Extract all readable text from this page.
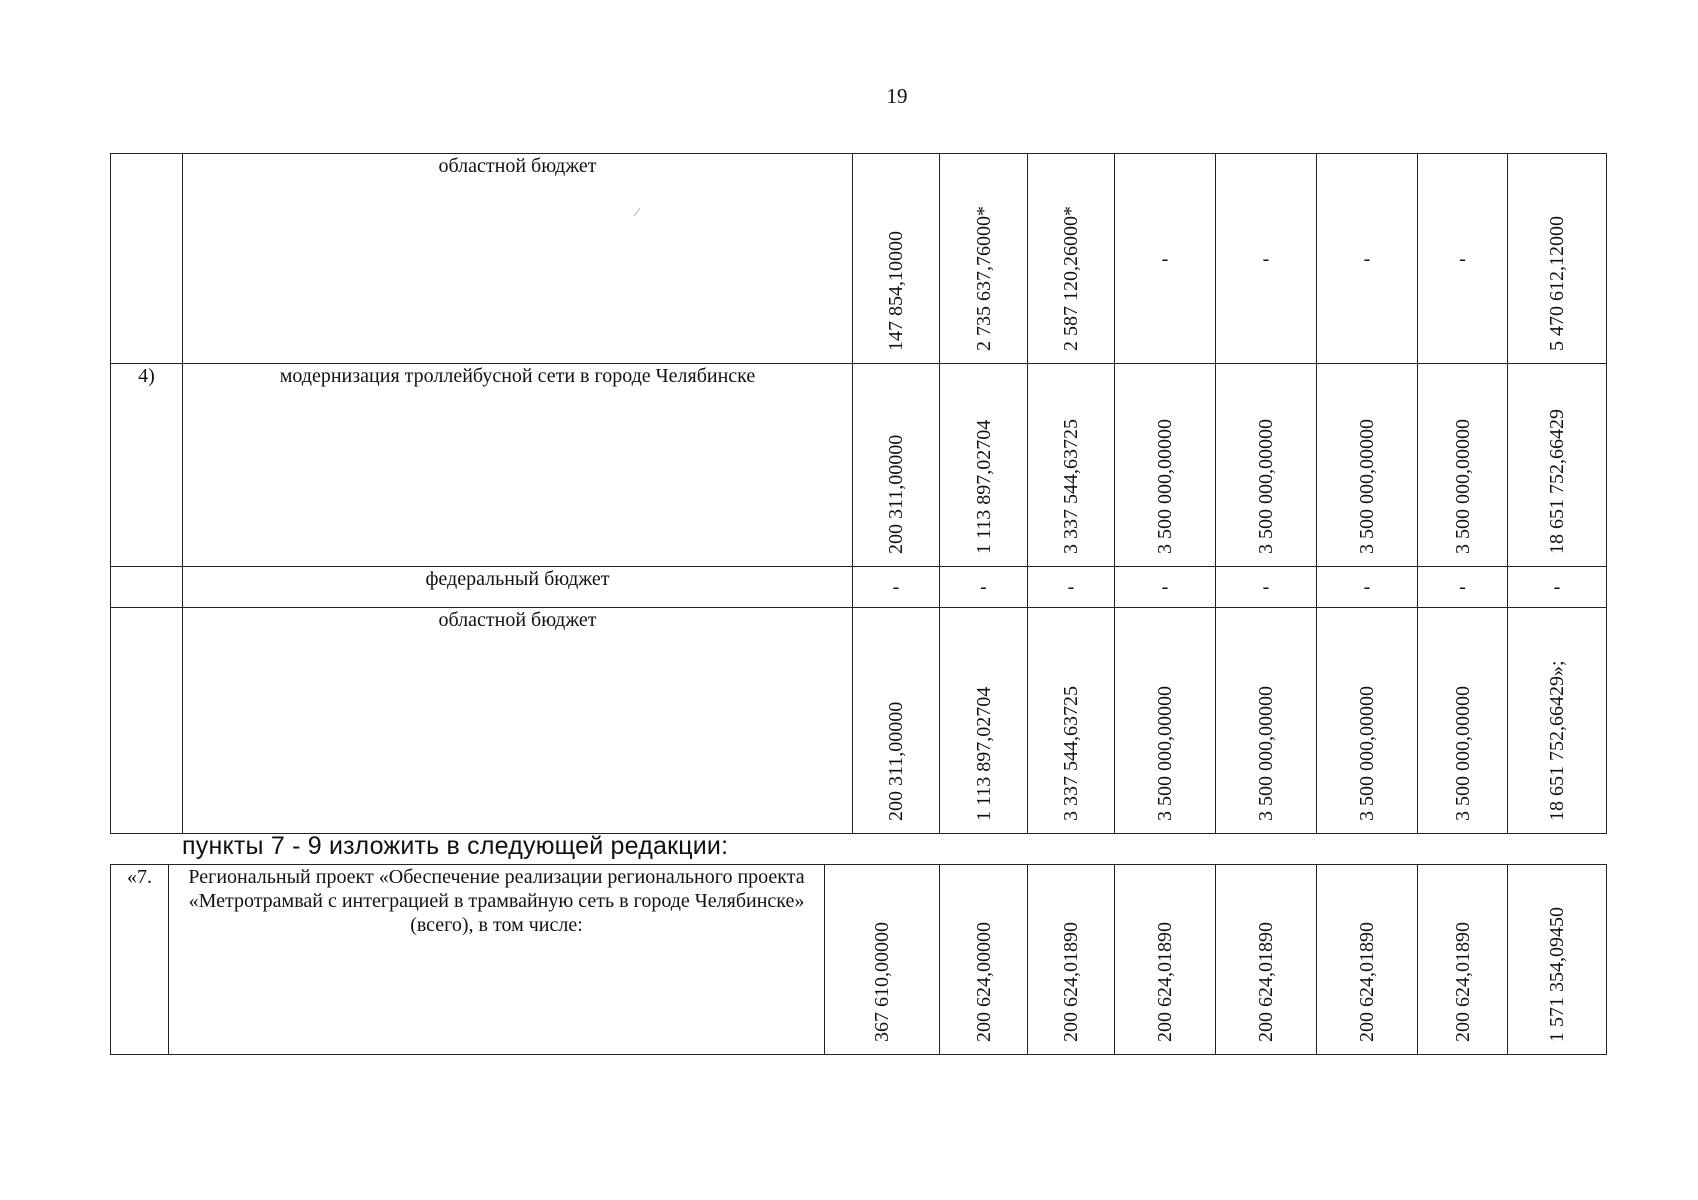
19
⁄
	областной бюджет	147 854,10000	2 735 637,76000*	2 587 120,26000*	-	-	-	-	5 470 612,12000

4)	модернизация троллейбусной сети в городе Челябинске	200 311,00000	1 113 897,02704	3 337 544,63725	3 500 000,00000	3 500 000,00000	3 500 000,00000	3 500 000,00000	18 651 752,66429

	федеральный бюджет	-	-	-	-	-	-	-	-

	областной бюджет	200 311,00000	1 113 897,02704	3 337 544,63725	3 500 000,00000	3 500 000,00000	3 500 000,00000	3 500 000,00000	18 651 752,66429»;
пункты 7 - 9 изложить в следующей редакции:
«7.	Региональный проект «Обеспечение реализации регионального проекта «Метротрамвай с интеграцией в трамвайную сеть в городе Челябинске» (всего), в том числе:	367 610,00000	200 624,00000	200 624,01890	200 624,01890	200 624,01890	200 624,01890	200 624,01890	1 571 354,09450
